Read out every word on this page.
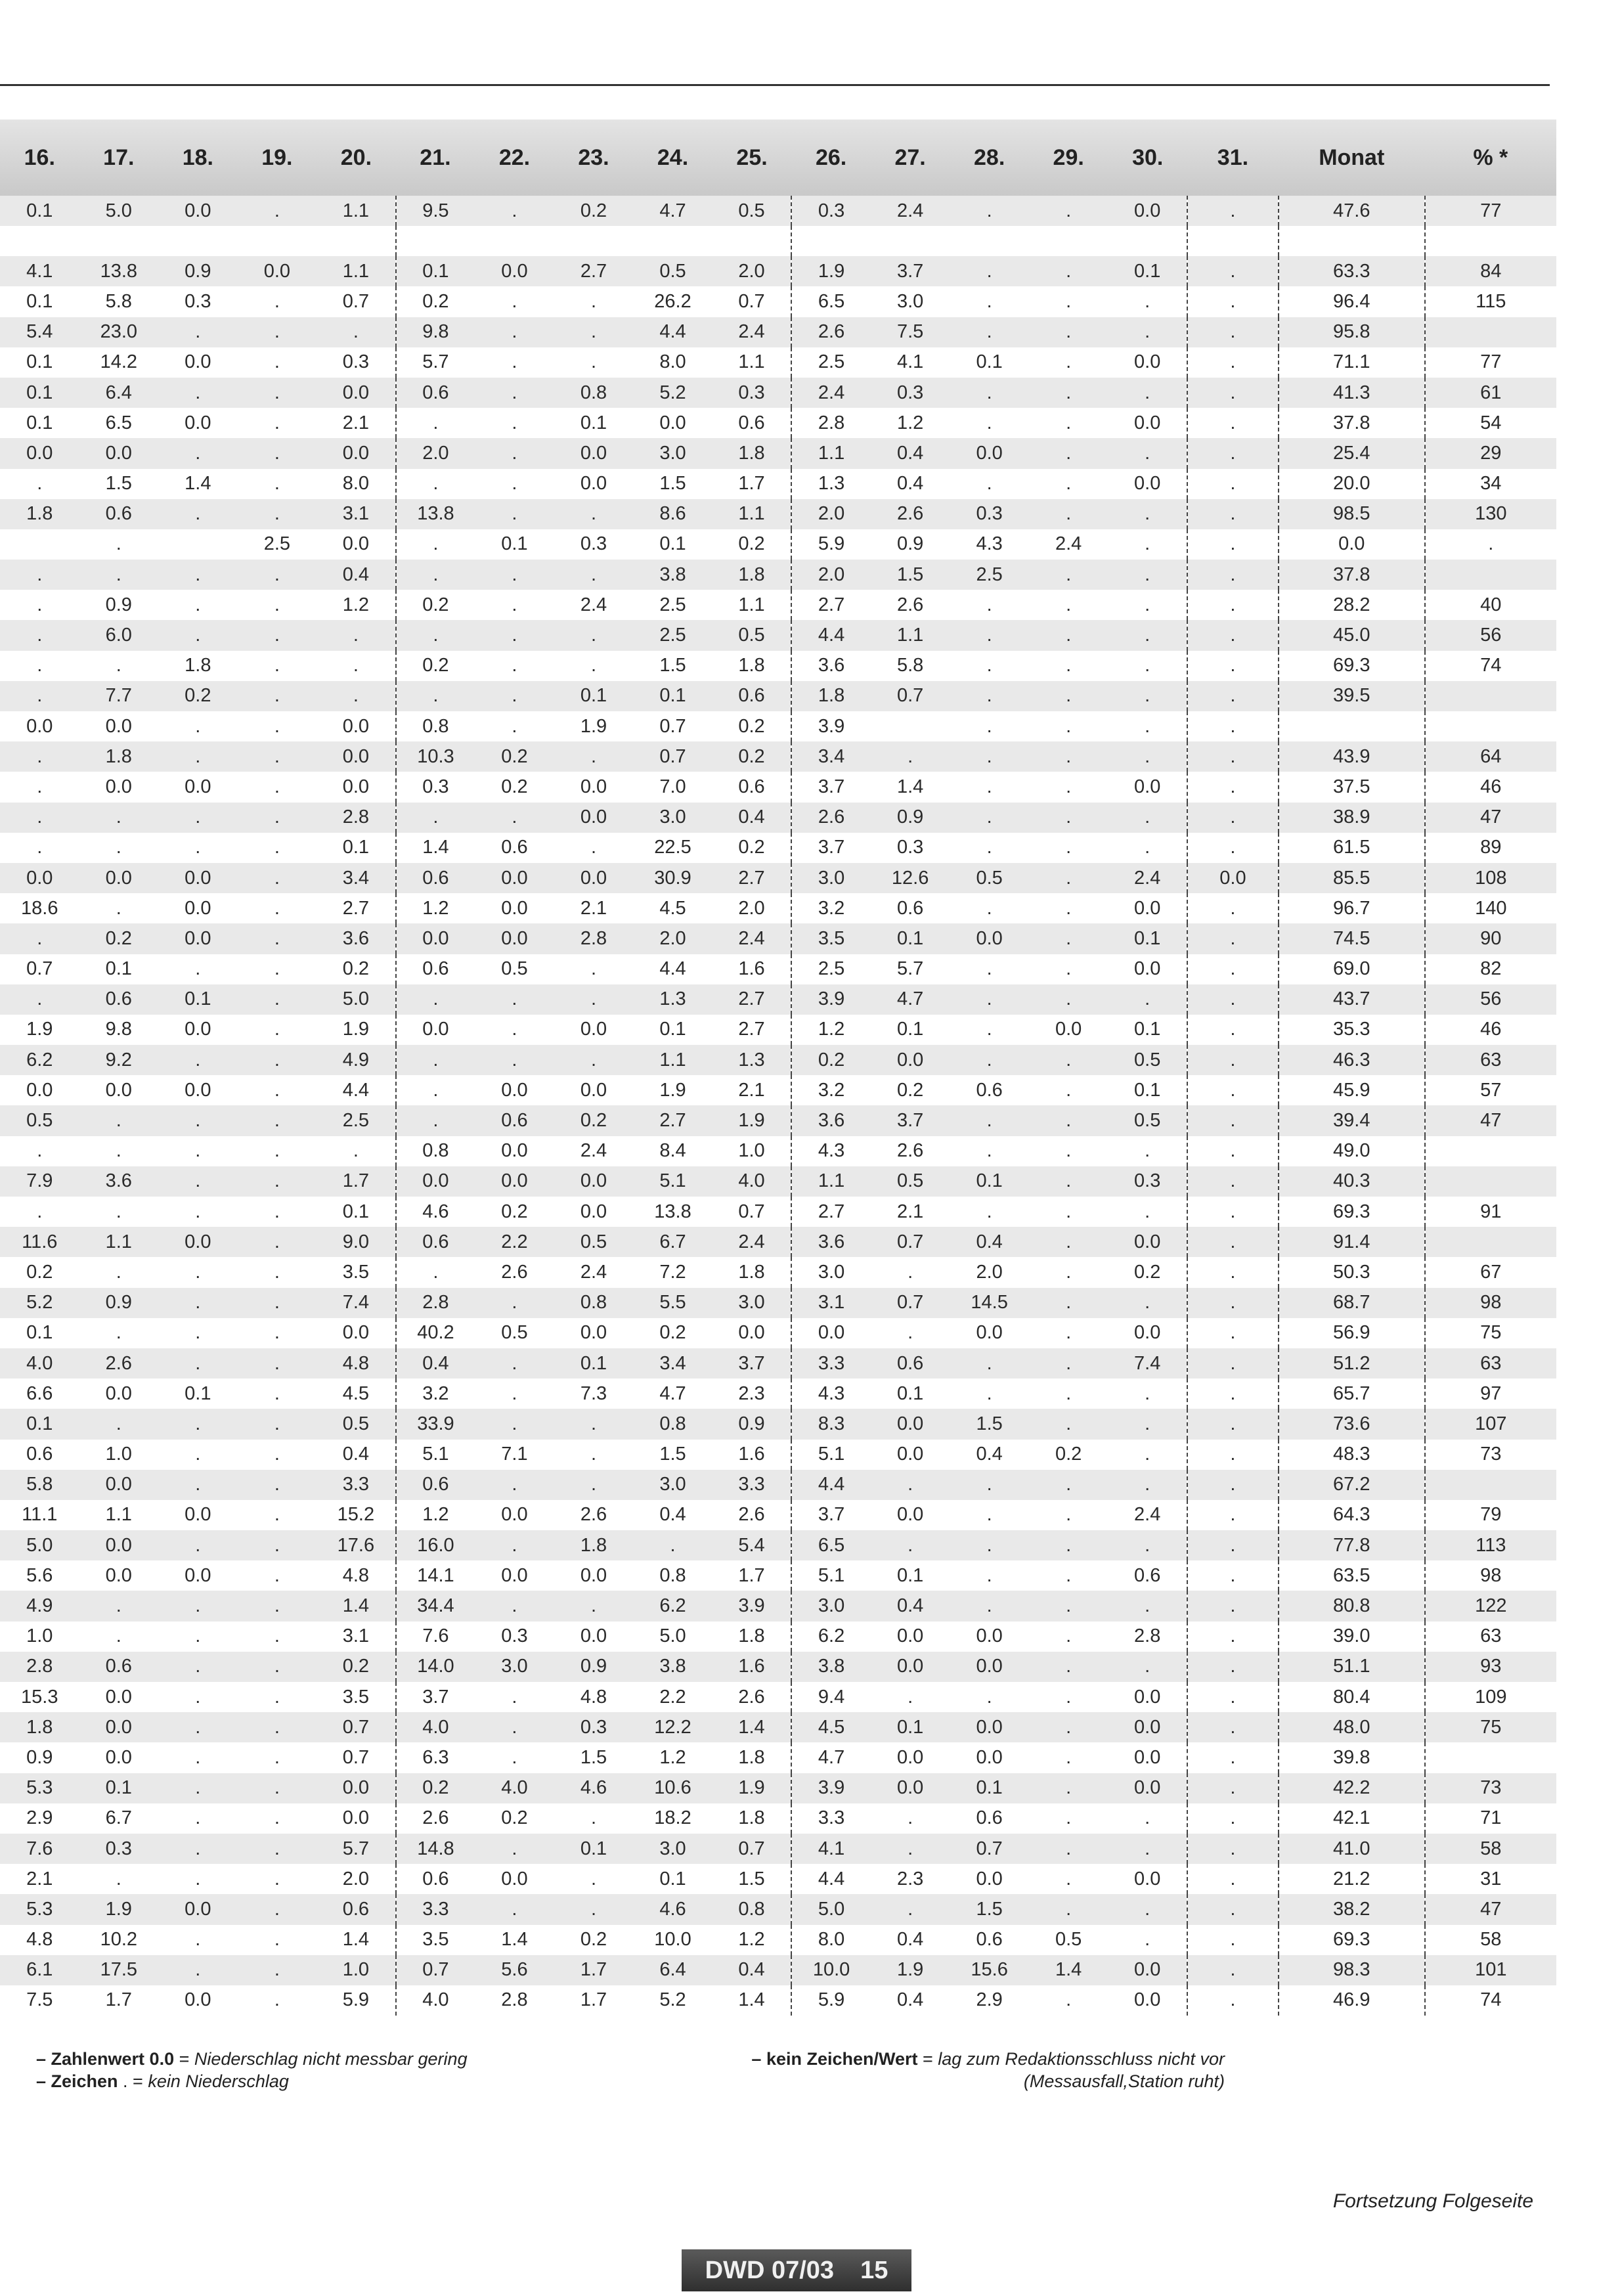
16.	17.	18.	19.	20.	21.	22.	23.	24.	25.	26.	27.	28.	29.	30.	31.	Monat	% *
0.1	5.0	0.0	.	1.1	9.5	.	0.2	4.7	0.5	0.3	2.4	.	.	0.0	.	47.6	77

4.1	13.8	0.9	0.0	1.1	0.1	0.0	2.7	0.5	2.0	1.9	3.7	.	.	0.1	.	63.3	84
0.1	5.8	0.3	.	0.7	0.2	.	.	26.2	0.7	6.5	3.0	.	.	.	.	96.4	115
5.4	23.0	.	.	.	9.8	.	.	4.4	2.4	2.6	7.5	.	.	.	.	95.8	
0.1	14.2	0.0	.	0.3	5.7	.	.	8.0	1.1	2.5	4.1	0.1	.	0.0	.	71.1	77
0.1	6.4	.	.	0.0	0.6	.	0.8	5.2	0.3	2.4	0.3	.	.	.	.	41.3	61
0.1	6.5	0.0	.	2.1	.	.	0.1	0.0	0.6	2.8	1.2	.	.	0.0	.	37.8	54
0.0	0.0	.	.	0.0	2.0	.	0.0	3.0	1.8	1.1	0.4	0.0	.	.	.	25.4	29
.	1.5	1.4	.	8.0	.	.	0.0	1.5	1.7	1.3	0.4	.	.	0.0	.	20.0	34
1.8	0.6	.	.	3.1	13.8	.	.	8.6	1.1	2.0	2.6	0.3	.	.	.	98.5	130
	.		2.5	0.0	.	0.1	0.3	0.1	0.2	5.9	0.9	4.3	2.4	.	.	0.0	.
.	.	.	.	0.4	.	.	.	3.8	1.8	2.0	1.5	2.5	.	.	.	37.8	
.	0.9	.	.	1.2	0.2	.	2.4	2.5	1.1	2.7	2.6	.	.	.	.	28.2	40
.	6.0	.	.	.	.	.	.	2.5	0.5	4.4	1.1	.	.	.	.	45.0	56
.	.	1.8	.	.	0.2	.	.	1.5	1.8	3.6	5.8	.	.	.	.	69.3	74
.	7.7	0.2	.	.	.	.	0.1	0.1	0.6	1.8	0.7	.	.	.	.	39.5	
0.0	0.0	.	.	0.0	0.8	.	1.9	0.7	0.2	3.9		.	.	.	.		
.	1.8	.	.	0.0	10.3	0.2	.	0.7	0.2	3.4	.	.	.	.	.	43.9	64
.	0.0	0.0	.	0.0	0.3	0.2	0.0	7.0	0.6	3.7	1.4	.	.	0.0	.	37.5	46
.	.	.	.	2.8	.	.	0.0	3.0	0.4	2.6	0.9	.	.	.	.	38.9	47
.	.	.	.	0.1	1.4	0.6	.	22.5	0.2	3.7	0.3	.	.	.	.	61.5	89
0.0	0.0	0.0	.	3.4	0.6	0.0	0.0	30.9	2.7	3.0	12.6	0.5	.	2.4	0.0	85.5	108
18.6	.	0.0	.	2.7	1.2	0.0	2.1	4.5	2.0	3.2	0.6	.	.	0.0	.	96.7	140
.	0.2	0.0	.	3.6	0.0	0.0	2.8	2.0	2.4	3.5	0.1	0.0	.	0.1	.	74.5	90
0.7	0.1	.	.	0.2	0.6	0.5	.	4.4	1.6	2.5	5.7	.	.	0.0	.	69.0	82
.	0.6	0.1	.	5.0	.	.	.	1.3	2.7	3.9	4.7	.	.	.	.	43.7	56
1.9	9.8	0.0	.	1.9	0.0	.	0.0	0.1	2.7	1.2	0.1	.	0.0	0.1	.	35.3	46
6.2	9.2	.	.	4.9	.	.	.	1.1	1.3	0.2	0.0	.	.	0.5	.	46.3	63
0.0	0.0	0.0	.	4.4	.	0.0	0.0	1.9	2.1	3.2	0.2	0.6	.	0.1	.	45.9	57
0.5	.	.	.	2.5	.	0.6	0.2	2.7	1.9	3.6	3.7	.	.	0.5	.	39.4	47
.	.	.	.	.	0.8	0.0	2.4	8.4	1.0	4.3	2.6	.	.	.	.	49.0	
7.9	3.6	.	.	1.7	0.0	0.0	0.0	5.1	4.0	1.1	0.5	0.1	.	0.3	.	40.3	
.	.	.	.	0.1	4.6	0.2	0.0	13.8	0.7	2.7	2.1	.	.	.	.	69.3	91
11.6	1.1	0.0	.	9.0	0.6	2.2	0.5	6.7	2.4	3.6	0.7	0.4	.	0.0	.	91.4	
0.2	.	.	.	3.5	.	2.6	2.4	7.2	1.8	3.0	.	2.0	.	0.2	.	50.3	67
5.2	0.9	.	.	7.4	2.8	.	0.8	5.5	3.0	3.1	0.7	14.5	.	.	.	68.7	98
0.1	.	.	.	0.0	40.2	0.5	0.0	0.2	0.0	0.0	.	0.0	.	0.0	.	56.9	75
4.0	2.6	.	.	4.8	0.4	.	0.1	3.4	3.7	3.3	0.6	.	.	7.4	.	51.2	63
6.6	0.0	0.1	.	4.5	3.2	.	7.3	4.7	2.3	4.3	0.1	.	.	.	.	65.7	97
0.1	.	.	.	0.5	33.9	.	.	0.8	0.9	8.3	0.0	1.5	.	.	.	73.6	107
0.6	1.0	.	.	0.4	5.1	7.1	.	1.5	1.6	5.1	0.0	0.4	0.2	.	.	48.3	73
5.8	0.0	.	.	3.3	0.6	.	.	3.0	3.3	4.4	.	.	.	.	.	67.2	
11.1	1.1	0.0	.	15.2	1.2	0.0	2.6	0.4	2.6	3.7	0.0	.	.	2.4	.	64.3	79
5.0	0.0	.	.	17.6	16.0	.	1.8	.	5.4	6.5	.	.	.	.	.	77.8	113
5.6	0.0	0.0	.	4.8	14.1	0.0	0.0	0.8	1.7	5.1	0.1	.	.	0.6	.	63.5	98
4.9	.	.	.	1.4	34.4	.	.	6.2	3.9	3.0	0.4	.	.	.	.	80.8	122
1.0	.	.	.	3.1	7.6	0.3	0.0	5.0	1.8	6.2	0.0	0.0	.	2.8	.	39.0	63
2.8	0.6	.	.	0.2	14.0	3.0	0.9	3.8	1.6	3.8	0.0	0.0	.	.	.	51.1	93
15.3	0.0	.	.	3.5	3.7	.	4.8	2.2	2.6	9.4	.	.	.	0.0	.	80.4	109
1.8	0.0	.	.	0.7	4.0	.	0.3	12.2	1.4	4.5	0.1	0.0	.	0.0	.	48.0	75
0.9	0.0	.	.	0.7	6.3	.	1.5	1.2	1.8	4.7	0.0	0.0	.	0.0	.	39.8	
5.3	0.1	.	.	0.0	0.2	4.0	4.6	10.6	1.9	3.9	0.0	0.1	.	0.0	.	42.2	73
2.9	6.7	.	.	0.0	2.6	0.2	.	18.2	1.8	3.3	.	0.6	.	.	.	42.1	71
7.6	0.3	.	.	5.7	14.8	.	0.1	3.0	0.7	4.1	.	0.7	.	.	.	41.0	58
2.1	.	.	.	2.0	0.6	0.0	.	0.1	1.5	4.4	2.3	0.0	.	0.0	.	21.2	31
5.3	1.9	0.0	.	0.6	3.3	.	.	4.6	0.8	5.0	.	1.5	.	.	.	38.2	47
4.8	10.2	.	.	1.4	3.5	1.4	0.2	10.0	1.2	8.0	0.4	0.6	0.5	.	.	69.3	58
6.1	17.5	.	.	1.0	0.7	5.6	1.7	6.4	0.4	10.0	1.9	15.6	1.4	0.0	.	98.3	101
7.5	1.7	0.0	.	5.9	4.0	2.8	1.7	5.2	1.4	5.9	0.4	2.9	.	0.0	.	46.9	74
– Zahlenwert 0.0 = Niederschlag nicht messbar gering
– Zeichen . = kein Niederschlag
– kein Zeichen/Wert = lag zum Redaktionsschluss nicht vor
(Messausfall,Station ruht)
Fortsetzung Folgeseite
DWD 07/03 15
